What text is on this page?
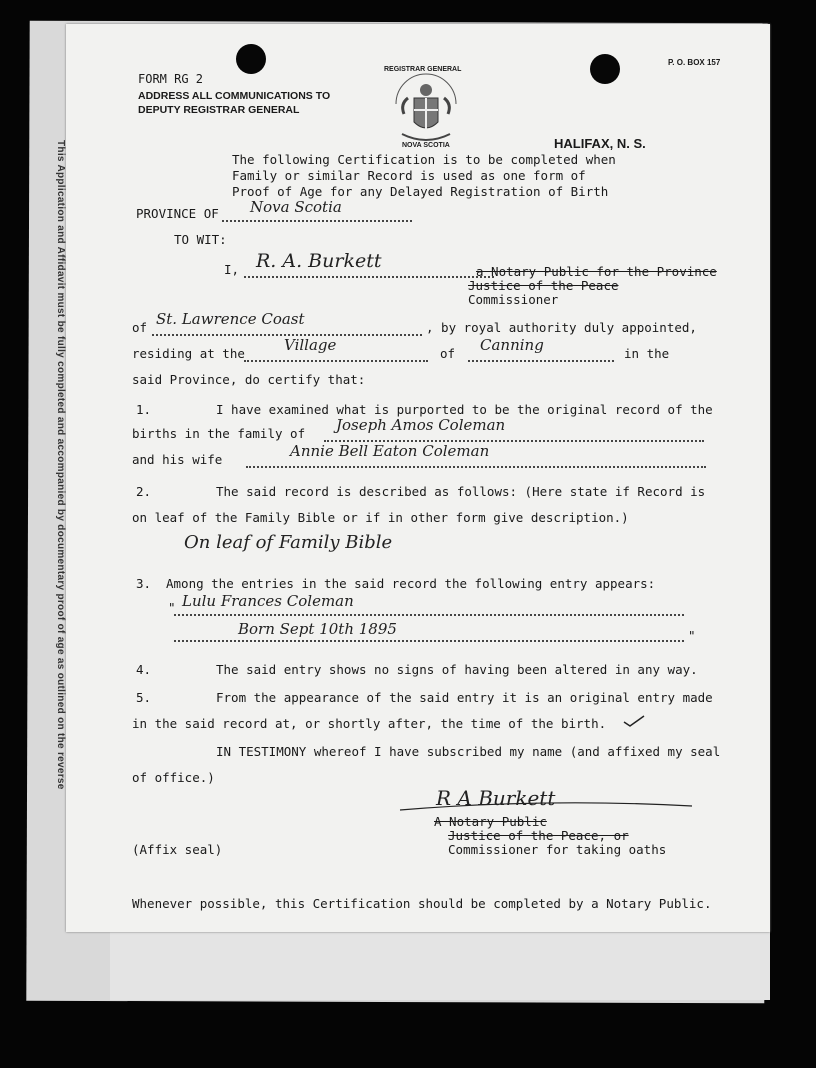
This Application and Affidavit must be fully completed and accompanied by documentary proof of age as outlined on the reverse
FORM RG 2
ADDRESS ALL COMMUNICATIONS TO
DEPUTY REGISTRAR GENERAL
REGISTRAR GENERAL
NOVA SCOTIA
P. O. BOX 157
HALIFAX, N. S.
The following Certification is to be completed when
Family or similar Record is used as one form of
Proof of Age for any Delayed Registration of Birth
PROVINCE OF Nova Scotia
TO WIT:
I, R. A. Burkett	a Notary Public for the Province
Justice of the Peace
Commissioner
of St. Lawrence Coast	, by royal authority duly appointed,
residing at the	Village	of Canning	in the
said Province, do certify that:
1.	I have examined what is purported to be the original record of the
births in the family of Joseph Amos Coleman
and his wife	Annie Bell Eaton Coleman
2.	The said record is described as follows: (Here state if Record is
on leaf of the Family Bible or if in other form give description.)
On leaf of Family Bible
3. Among the entries in the said record the following entry appears:
" Lulu Frances Coleman
Born Sept 10th 1895	"
4.	The said entry shows no signs of having been altered in any way.
5.	From the appearance of the said entry it is an original entry made
in the said record at, or shortly after, the time of the birth.
IN TESTIMONY whereof I have subscribed my name (and affixed my seal
of office.)
R A Burkett
A Notary Public
Justice of the Peace, or
Commissioner for taking oaths
(Affix seal)
Whenever possible, this Certification should be completed by a Notary Public.
